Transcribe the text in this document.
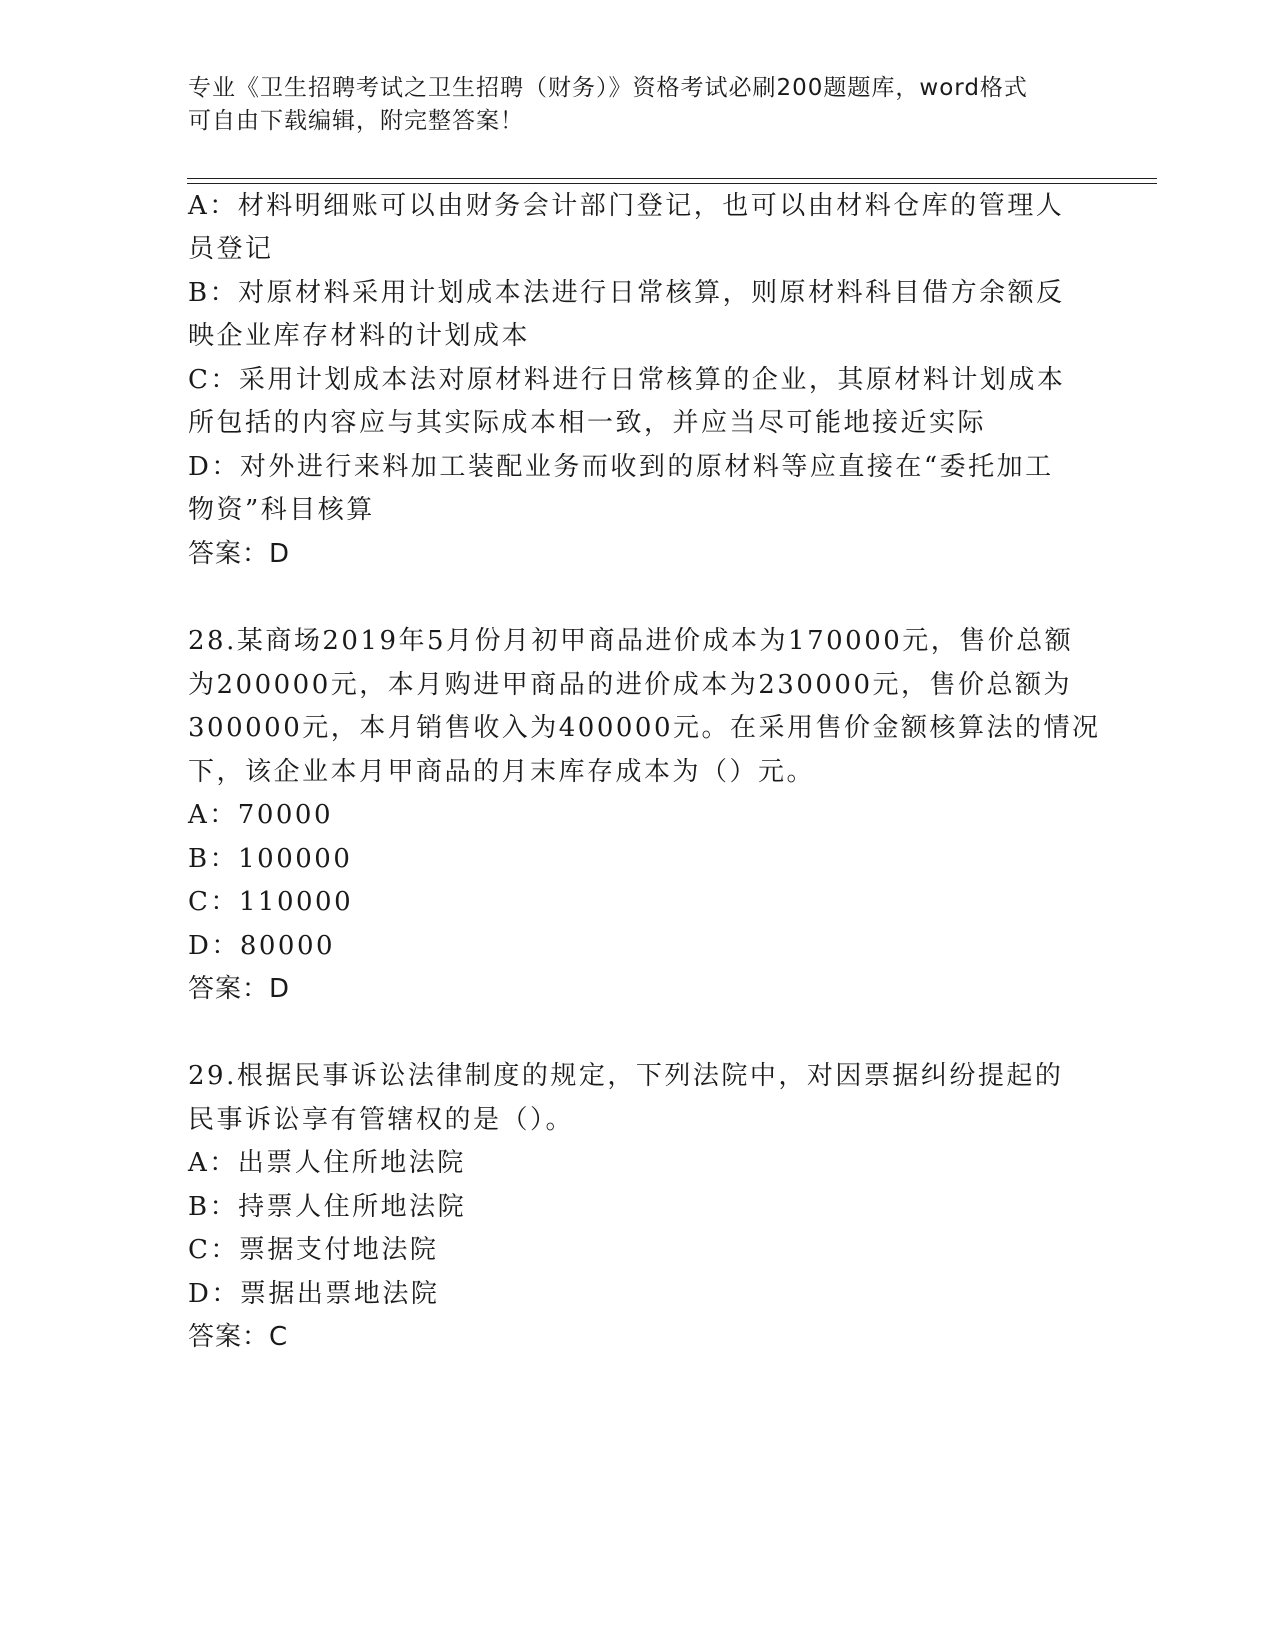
专业《卫生招聘考试之卫生招聘（财务）》资格考试必刷200题题库，word格式
可自由下载编辑，附完整答案！
A：材料明细账可以由财务会计部门登记，也可以由材料仓库的管理人
员登记
B：对原材料采用计划成本法进行日常核算，则原材料科目借方余额反
映企业库存材料的计划成本
C：采用计划成本法对原材料进行日常核算的企业，其原材料计划成本
所包括的内容应与其实际成本相一致，并应当尽可能地接近实际
D：对外进行来料加工装配业务而收到的原材料等应直接在“委托加工
物资”科目核算
答案：D
28.某商场2019年5月份月初甲商品进价成本为170000元，售价总额
为200000元，本月购进甲商品的进价成本为230000元，售价总额为
300000元，本月销售收入为400000元。在采用售价金额核算法的情况
下，该企业本月甲商品的月末库存成本为（）元。
A：70000
B：100000
C：110000
D：80000
答案：D
29.根据民事诉讼法律制度的规定，下列法院中，对因票据纠纷提起的
民事诉讼享有管辖权的是（）。
A：出票人住所地法院
B：持票人住所地法院
C：票据支付地法院
D：票据出票地法院
答案：C
